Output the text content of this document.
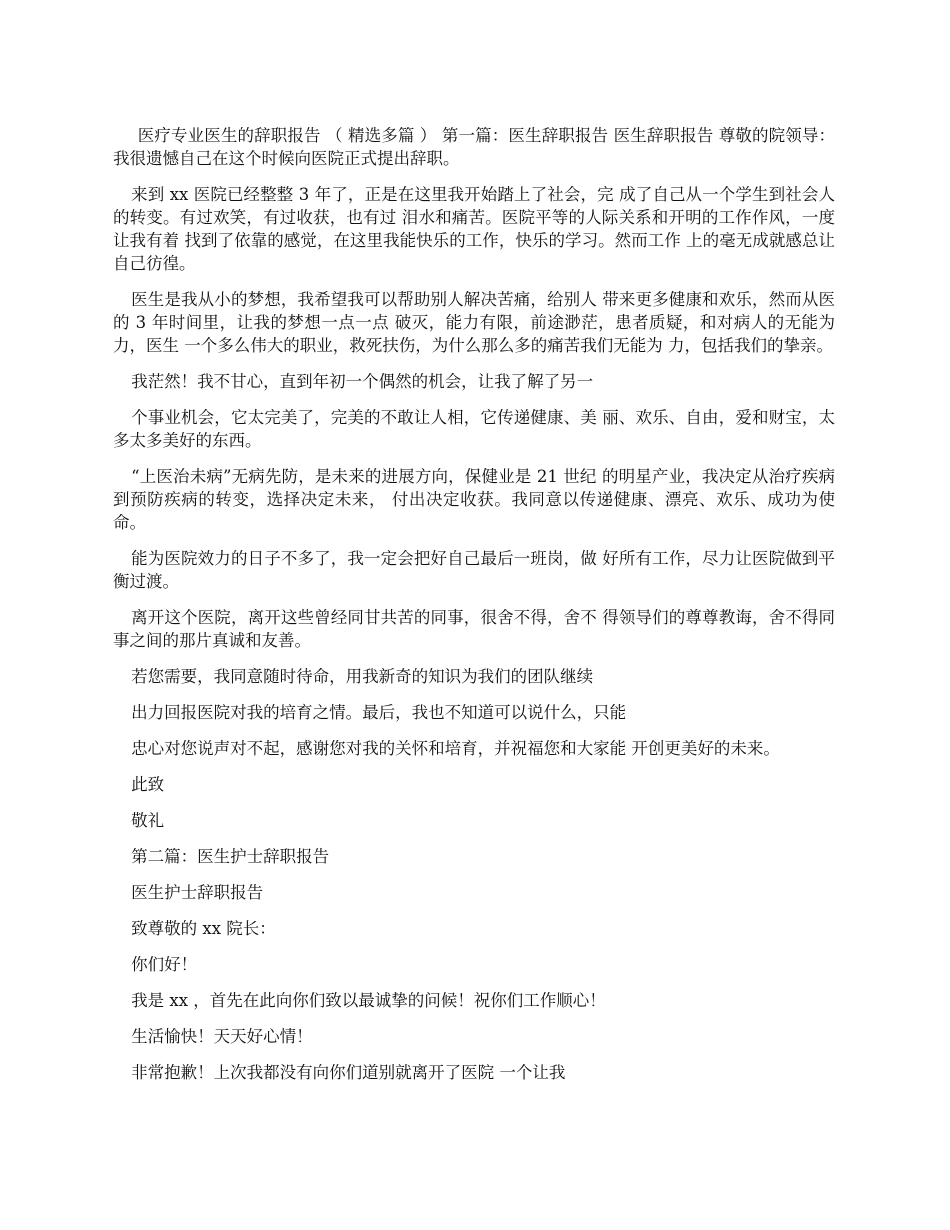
医疗专业医生的辞职报告 （ 精选多篇 ） 第一篇：医生辞职报告 医生辞职报告 尊敬的院领导： 我很遗憾自己在这个时候向医院正式提出辞职。

来到 xx 医院已经整整 3 年了，正是在这里我开始踏上了社会，完 成了自己从一个学生到社会人的转变。有过欢笑，有过收获，也有过 泪水和痛苦。医院平等的人际关系和开明的工作作风，一度让我有着 找到了依靠的感觉，在这里我能快乐的工作，快乐的学习。然而工作 上的毫无成就感总让自己彷徨。

医生是我从小的梦想，我希望我可以帮助别人解决苦痛，给别人 带来更多健康和欢乐，然而从医的 3 年时间里，让我的梦想一点一点 破灭，能力有限，前途渺茫，患者质疑，和对病人的无能为力，医生 一个多么伟大的职业，救死扶伤，为什么那么多的痛苦我们无能为 力，包括我们的挚亲。

我茫然！我不甘心，直到年初一个偶然的机会，让我了解了另一

个事业机会，它太完美了，完美的不敢让人相，它传递健康、美 丽、欢乐、自由，爱和财宝，太多太多美好的东西。

“上医治未病”无病先防，是未来的进展方向，保健业是 21 世纪 的明星产业，我决定从治疗疾病到预防疾病的转变，选择决定未来， 付出决定收获。我同意以传递健康、漂亮、欢乐、成功为使命。

能为医院效力的日子不多了，我一定会把好自己最后一班岗，做 好所有工作，尽力让医院做到平衡过渡。

离开这个医院，离开这些曾经同甘共苦的同事，很舍不得，舍不 得领导们的尊尊教诲，舍不得同事之间的那片真诚和友善。

若您需要，我同意随时待命，用我新奇的知识为我们的团队继续

出力回报医院对我的培育之情。最后，我也不知道可以说什么，只能

忠心对您说声对不起，感谢您对我的关怀和培育，并祝福您和大家能 开创更美好的未来。

此致

敬礼

第二篇：医生护士辞职报告

医生护士辞职报告

致尊敬的 xx 院长：

你们好！

我是 xx ，首先在此向你们致以最诚挚的问候！祝你们工作顺心！

生活愉快！天天好心情！

非常抱歉！上次我都没有向你们道别就离开了医院 一个让我
